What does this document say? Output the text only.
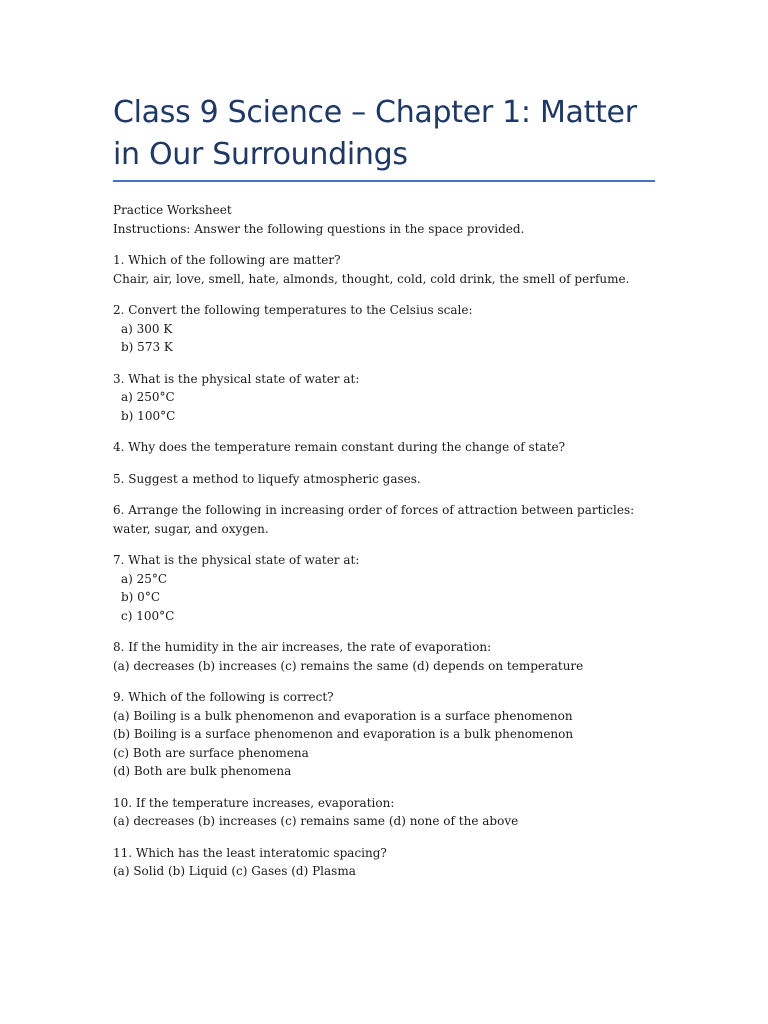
Class 9 Science – Chapter 1: Matter in Our Surroundings
Practice Worksheet
Instructions: Answer the following questions in the space provided.
1. Which of the following are matter?
Chair, air, love, smell, hate, almonds, thought, cold, cold drink, the smell of perfume.
2. Convert the following temperatures to the Celsius scale:
a) 300 K
b) 573 K
3. What is the physical state of water at:
a) 250°C
b) 100°C
4. Why does the temperature remain constant during the change of state?
5. Suggest a method to liquefy atmospheric gases.
6. Arrange the following in increasing order of forces of attraction between particles: water, sugar, and oxygen.
7. What is the physical state of water at:
a) 25°C
b) 0°C
c) 100°C
8. If the humidity in the air increases, the rate of evaporation:
(a) decreases (b) increases (c) remains the same (d) depends on temperature
9. Which of the following is correct?
(a) Boiling is a bulk phenomenon and evaporation is a surface phenomenon
(b) Boiling is a surface phenomenon and evaporation is a bulk phenomenon
(c) Both are surface phenomena
(d) Both are bulk phenomena
10. If the temperature increases, evaporation:
(a) decreases (b) increases (c) remains same (d) none of the above
11. Which has the least interatomic spacing?
(a) Solid (b) Liquid (c) Gases (d) Plasma
